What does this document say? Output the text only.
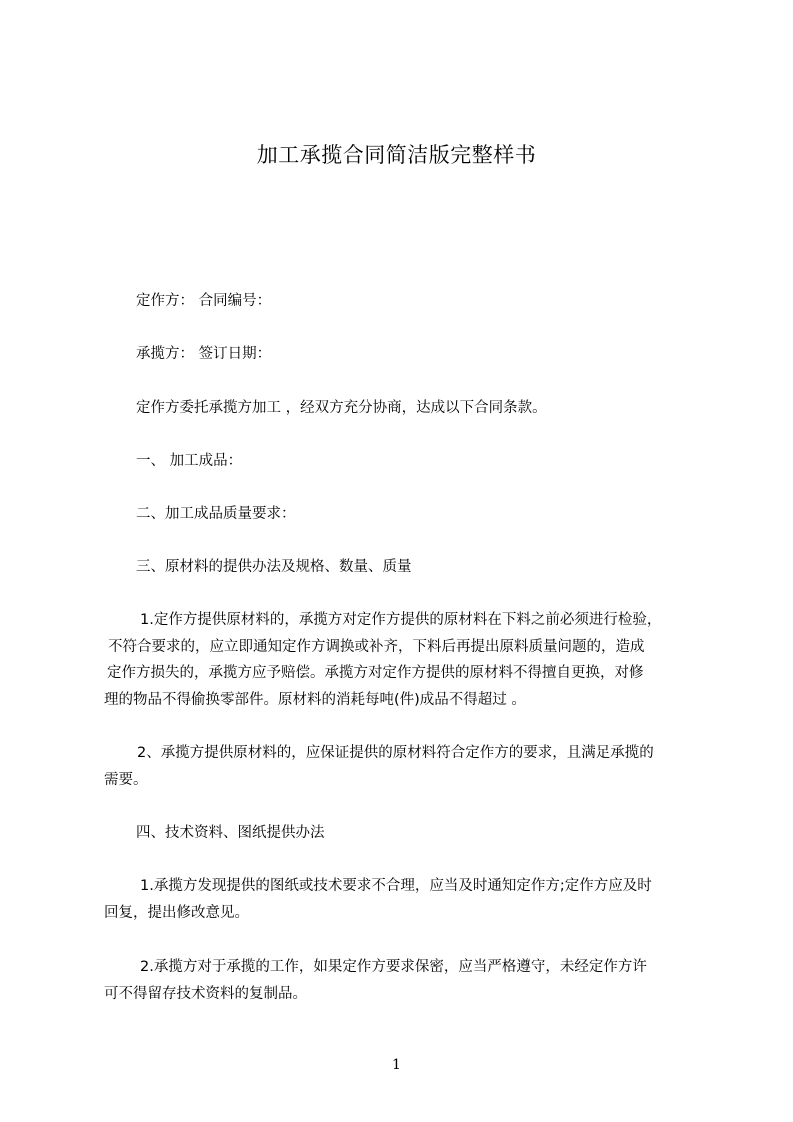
加工承揽合同简洁版完整样书
定作方： 合同编号：
承揽方： 签订日期：
定作方委托承揽方加工 ，经双方充分协商，达成以下合同条款。
一、 加工成品：
二、加工成品质量要求：
三、原材料的提供办法及规格、数量、质量
1.定作方提供原材料的，承揽方对定作方提供的原材料在下料之前必须进行检验，
不符合要求的，应立即通知定作方调换或补齐，下料后再提出原料质量问题的，造成
定作方损失的，承揽方应予赔偿。承揽方对定作方提供的原材料不得擅自更换，对修
理的物品不得偷换零部件。原材料的消耗每吨(件)成品不得超过 。
2、承揽方提供原材料的，应保证提供的原材料符合定作方的要求，且满足承揽的
需要。
四、技术资料、图纸提供办法
1.承揽方发现提供的图纸或技术要求不合理，应当及时通知定作方;定作方应及时
回复，提出修改意见。
2.承揽方对于承揽的工作，如果定作方要求保密，应当严格遵守，未经定作方许
可不得留存技术资料的复制品。
1
